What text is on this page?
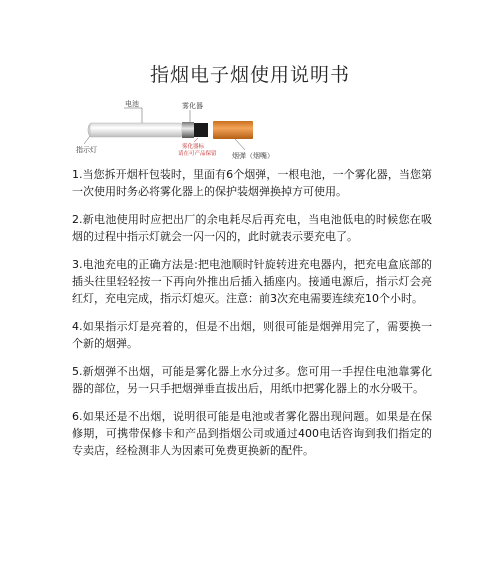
指烟电子烟使用说明书
电池	雾化器
指示灯
烟弹（烟嘴）
雾化器标
请在可产品保留

1.当您拆开烟杆包装时，里面有6个烟弹，一根电池，一个雾化器，当您第一次使用时务必将雾化器上的保护装烟弹换掉方可使用。

2.新电池使用时应把出厂的余电耗尽后再充电，当电池低电的时候您在吸烟的过程中指示灯就会一闪一闪的，此时就表示要充电了。

3.电池充电的正确方法是:把电池顺时针旋转进充电器内，把充电盒底部的插头往里轻轻按一下再向外推出后插入插座内。接通电源后，指示灯会亮红灯，充电完成，指示灯熄灭。注意：前3次充电需要连续充10个小时。

4.如果指示灯是亮着的，但是不出烟，则很可能是烟弹用完了，需要换一个新的烟弹。

5.新烟弹不出烟，可能是雾化器上水分过多。您可用一手捏住电池靠雾化器的部位，另一只手把烟弹垂直拔出后，用纸巾把雾化器上的水分吸干。

6.如果还是不出烟，说明很可能是电池或者雾化器出现问题。如果是在保修期，可携带保修卡和产品到指烟公司或通过400电话咨询到我们指定的专卖店，经检测非人为因素可免费更换新的配件。
